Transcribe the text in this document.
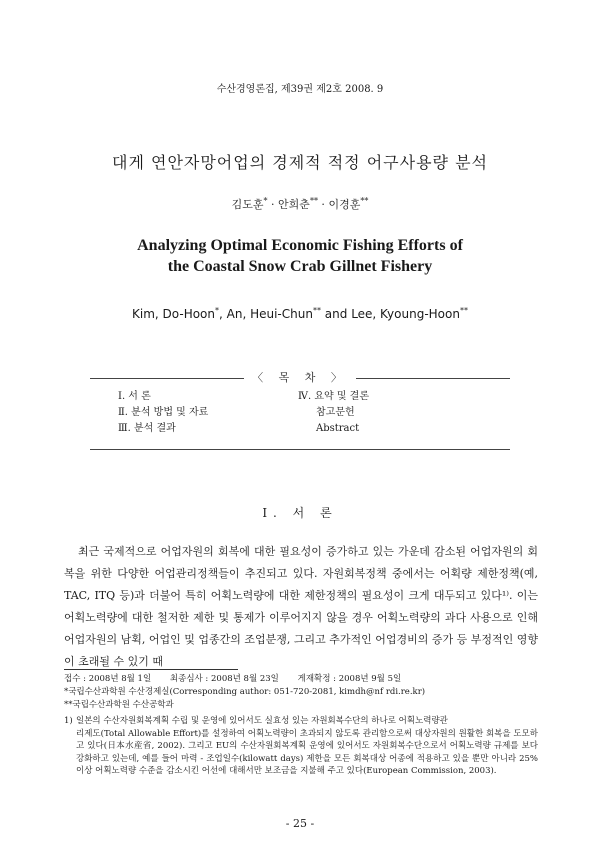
수산경영론집, 제39권 제2호 2008. 9
대게 연안자망어업의 경제적 적정 어구사용량 분석
김도훈* · 안희춘** · 이경훈**
Analyzing Optimal Economic Fishing Efforts of
the Coastal Snow Crab Gillnet Fishery
Kim, Do-Hoon*, An, Heui-Chun** and Lee, Kyoung-Hoon**
〈 목 차 〉
Ⅰ. 서 론
Ⅱ. 분석 방법 및 자료
Ⅲ. 분석 결과
Ⅳ. 요약 및 결론
참고문헌
Abstract
Ⅰ. 서 론

최근 국제적으로 어업자원의 회복에 대한 필요성이 증가하고 있는 가운데 감소된 어업자원의 회복을 위한 다양한 어업관리정책들이 추진되고 있다. 자원회복정책 중에서는 어획량 제한정책(예, TAC, ITQ 등)과 더불어 특히 어획노력량에 대한 제한정책의 필요성이 크게 대두되고 있다¹⁾. 이는 어획노력량에 대한 철저한 제한 및 통제가 이루어지지 않을 경우 어획노력량의 과다 사용으로 인해 어업자원의 남획, 어업인 및 업종간의 조업분쟁, 그리고 추가적인 어업경비의 증가 등 부정적인 영향이 초래될 수 있기 때

접수 : 2008년 8월 1일 최종심사 : 2008년 8월 23일 게재확정 : 2008년 9월 5일
*국립수산과학원 수산경제실(Corresponding author: 051-720-2081, kimdh@nf rdi.re.kr)
**국립수산과학원 수산공학과
1) 일본의 수산자원회복계획 수립 및 운영에 있어서도 실효성 있는 자원회복수단의 하나로 어획노력량관
리제도(Total Allowable Effort)를 설정하여 어획노력량이 초과되지 않도록 관리함으로써 대상자원의 원활한 회복을 도모하고 있다(日本水産省, 2002). 그리고 EU의 수산자원회복계획 운영에 있어서도 자원회복수단으로서 어획노력량 규제를 보다 강화하고 있는데, 예를 들어 마력 - 조업일수(kilowatt days) 제한을 모든 회복대상 어종에 적용하고 있을 뿐만 아니라 25% 이상 어획노력량 수준을 감소시킨 어선에 대해서만 보조금을 지불해 주고 있다(European Commission, 2003).
- 25 -
